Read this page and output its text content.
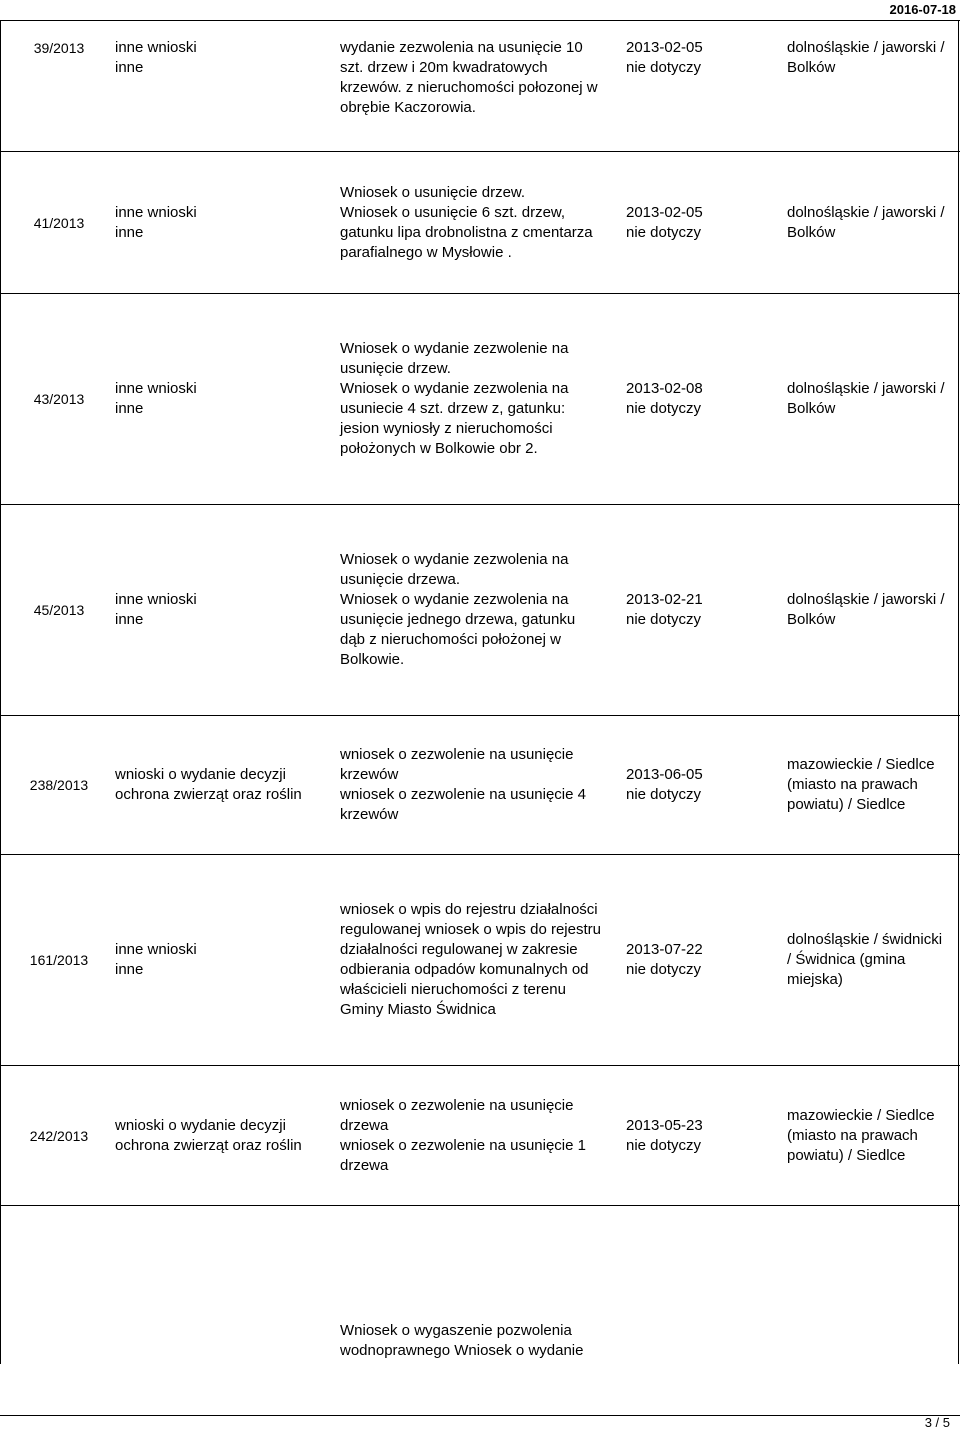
2016-07-18
39/2013 inne wnioski
inne
wydanie zezwolenia na usunięcie 10
szt. drzew i 20m kwadratowych
krzewów. z nieruchomości połozonej w
obrębie Kaczorowia.
2013-02-05
nie dotyczy
dolnośląskie / jaworski /
Bolków
41/2013
inne wnioski
inne
Wniosek o usunięcie drzew.
Wniosek o usunięcie 6 szt. drzew,
gatunku lipa drobnolistna z cmentarza
parafialnego w Mysłowie .
2013-02-05
nie dotyczy
dolnośląskie / jaworski /
Bolków
43/2013
inne wnioski
inne
Wniosek o wydanie zezwolenie na
usunięcie drzew.
Wniosek o wydanie zezwolenia na
usuniecie 4 szt. drzew z, gatunku:
jesion wyniosły z nieruchomości
położonych w Bolkowie obr 2.
2013-02-08
nie dotyczy
dolnośląskie / jaworski /
Bolków
45/2013
inne wnioski
inne
Wniosek o wydanie zezwolenia na
usunięcie drzewa.
Wniosek o wydanie zezwolenia na
usunięcie jednego drzewa, gatunku
dąb z nieruchomości położonej w
Bolkowie.
2013-02-21
nie dotyczy
dolnośląskie / jaworski /
Bolków
238/2013
wnioski o wydanie decyzji
ochrona zwierząt oraz roślin
wniosek o zezwolenie na usunięcie
krzewów
wniosek o zezwolenie na usunięcie 4
krzewów
2013-06-05
nie dotyczy
mazowieckie / Siedlce
(miasto na prawach
powiatu) / Siedlce
161/2013
inne wnioski
inne
wniosek o wpis do rejestru działalności
regulowanej wniosek o wpis do rejestru
działalności regulowanej w zakresie
odbierania odpadów komunalnych od
właścicieli nieruchomości z terenu
Gminy Miasto Świdnica
2013-07-22
nie dotyczy
dolnośląskie / świdnicki
/ Świdnica (gmina
miejska)
242/2013
wnioski o wydanie decyzji
ochrona zwierząt oraz roślin
wniosek o zezwolenie na usunięcie
drzewa
wniosek o zezwolenie na usunięcie 1
drzewa
2013-05-23
nie dotyczy
mazowieckie / Siedlce
(miasto na prawach
powiatu) / Siedlce
Wniosek o wygaszenie pozwolenia
wodnoprawnego Wniosek o wydanie
3 / 5
